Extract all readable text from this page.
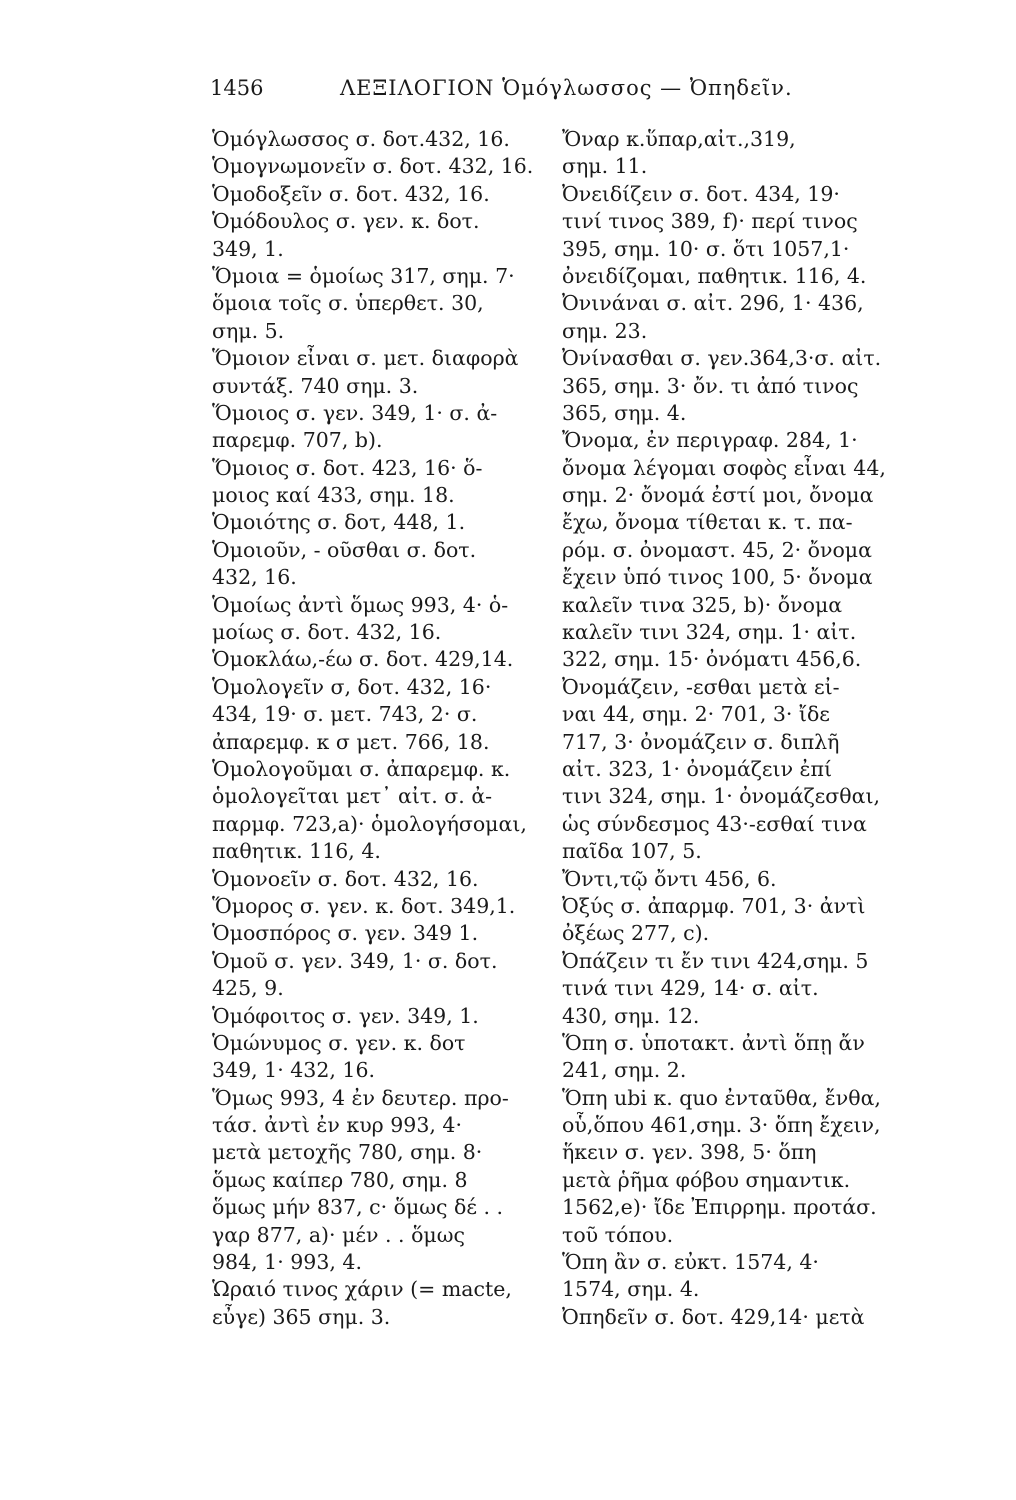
1456	ΛΕΞΙΛΟΓΙΟΝ Ὁμόγλωσσος — Ὀπηδεῖν.
Ὁμόγλωσσος σ. δοτ.432, 16.
Ὁμογνωμονεῖν σ. δοτ. 432, 16.
Ὁμοδοξεῖν σ. δοτ. 432, 16.
Ὁμόδουλος σ. γεν. κ. δοτ.
349, 1.
Ὅμοια = ὁμοίως 317, σημ. 7·
ὅμοια τοῖς σ. ὑπερθετ. 30,
σημ. 5.
Ὅμοιον εἶναι σ. μετ. διαφορὰ
συντάξ. 740 σημ. 3.
Ὅμοιος σ. γεν. 349, 1· σ. ἀ-
παρεμφ. 707, b).
Ὅμοιος σ. δοτ. 423, 16· ὅ-
μοιος καί 433, σημ. 18.
Ὁμοιότης σ. δοτ, 448, 1.
Ὁμοιοῦν, - οῦσθαι σ. δοτ.
432, 16.
Ὁμοίως ἀντὶ ὅμως 993, 4· ὁ-
μοίως σ. δοτ. 432, 16.
Ὁμοκλάω,-έω σ. δοτ. 429,14.
Ὁμολογεῖν σ, δοτ. 432, 16·
434, 19· σ. μετ. 743, 2· σ.
ἀπαρεμφ. κ σ μετ. 766, 18.
Ὁμολογοῦμαι σ. ἀπαρεμφ. κ.
ὁμολογεῖται μετ᾽ αἰτ. σ. ἀ-
παρμφ. 723,a)· ὁμολογήσομαι,
παθητικ. 116, 4.
Ὁμονοεῖν σ. δοτ. 432, 16.
Ὅμορος σ. γεν. κ. δοτ. 349,1.
Ὁμοσπόρος σ. γεν. 349 1.
Ὁμοῦ σ. γεν. 349, 1· σ. δοτ.
425, 9.
Ὁμόφοιτος σ. γεν. 349, 1.
Ὁμώνυμος σ. γεν. κ. δοτ
349, 1· 432, 16.
Ὅμως 993, 4 ἐν δευτερ. προ-
τάσ. ἀντὶ ἐν κυρ 993, 4·
μετὰ μετοχῆς 780, σημ. 8·
ὅμως καίπερ 780, σημ. 8
ὅμως μήν 837, c· ὅμως δέ . .
γαρ 877, a)· μέν . . ὅμως
984, 1· 993, 4.
Ὡραιό τινος χάριν (= macte,
εὖγε) 365 σημ. 3.
Ὄναρ κ.ὕπαρ,αἰτ.,319,
σημ. 11.
Ὀνειδίζειν σ. δοτ. 434, 19·
τινί τινος 389, f)· περί τινος
395, σημ. 10· σ. ὅτι 1057,1·
ὀνειδίζομαι, παθητικ. 116, 4.
Ὀνινάναι σ. αἰτ. 296, 1· 436,
σημ. 23.
Ὀνίνασθαι σ. γεν.364,3·σ. αἰτ.
365, σημ. 3· ὄν. τι ἀπό τινος
365, σημ. 4.
Ὄνομα, ἐν περιγραφ. 284, 1·
ὄνομα λέγομαι σοφὸς εἶναι 44,
σημ. 2· ὄνομά ἐστί μοι, ὄνομα
ἔχω, ὄνομα τίθεται κ. τ. πα-
ρόμ. σ. ὀνομαστ. 45, 2· ὄνομα
ἔχειν ὑπό τινος 100, 5· ὄνομα
καλεῖν τινα 325, b)· ὄνομα
καλεῖν τινι 324, σημ. 1· αἰτ.
322, σημ. 15· ὀνόματι 456,6.
Ὀνομάζειν, -εσθαι μετὰ εἰ-
ναι 44, σημ. 2· 701, 3· ἴδε
717, 3· ὀνομάζειν σ. διπλῆ
αἰτ. 323, 1· ὀνομάζειν ἐπί
τινι 324, σημ. 1· ὀνομάζεσθαι,
ὡς σύνδεσμος 43·-εσθαί τινα
παῖδα 107, 5.
Ὄντι,τῷ ὄντι 456, 6.
Ὀξύς σ. ἀπαρμφ. 701, 3· ἀντὶ
ὀξέως 277, c).
Ὀπάζειν τι ἔν τινι 424,σημ. 5
τινά τινι 429, 14· σ. αἰτ.
430, σημ. 12.
Ὅπη σ. ὑποτακτ. ἀντὶ ὅπῃ ἄν
241, σημ. 2.
Ὅπη ubi κ. quo ἐνταῦθα, ἔνθα,
οὗ,ὅπου 461,σημ. 3· ὅπη ἔχειν,
ἥκειν σ. γεν. 398, 5· ὅπη
μετὰ ῥῆμα φόβου σημαντικ.
1562,e)· ἴδε Ἐπιρρημ. προτάσ.
τοῦ τόπου.
Ὅπη ἂν σ. εὐκτ. 1574, 4·
1574, σημ. 4.
Ὀπηδεῖν σ. δοτ. 429,14· μετὰ
